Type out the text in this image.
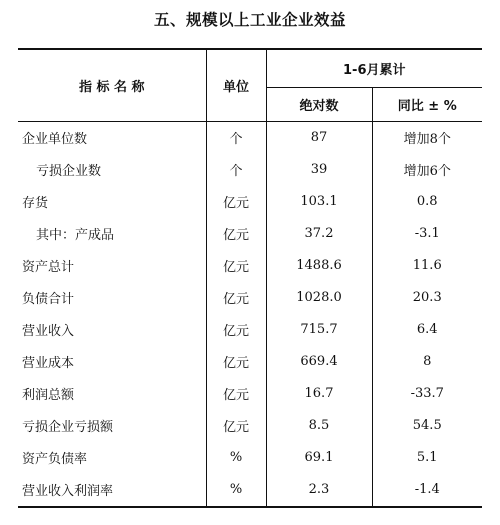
五、规模以上工业企业效益
指 标 名 称	单位	1-6月累计	
		绝对数	同比 ± %
企业单位数	个	87	增加8个
亏损企业数	个	39	增加6个
存货	亿元	103.1	0.8
其中：产成品	亿元	37.2	-3.1
资产总计	亿元	1488.6	11.6
负债合计	亿元	1028.0	20.3
营业收入	亿元	715.7	6.4
营业成本	亿元	669.4	8
利润总额	亿元	16.7	-33.7
亏损企业亏损额	亿元	8.5	54.5
资产负债率	%	69.1	5.1
营业收入利润率	%	2.3	-1.4
